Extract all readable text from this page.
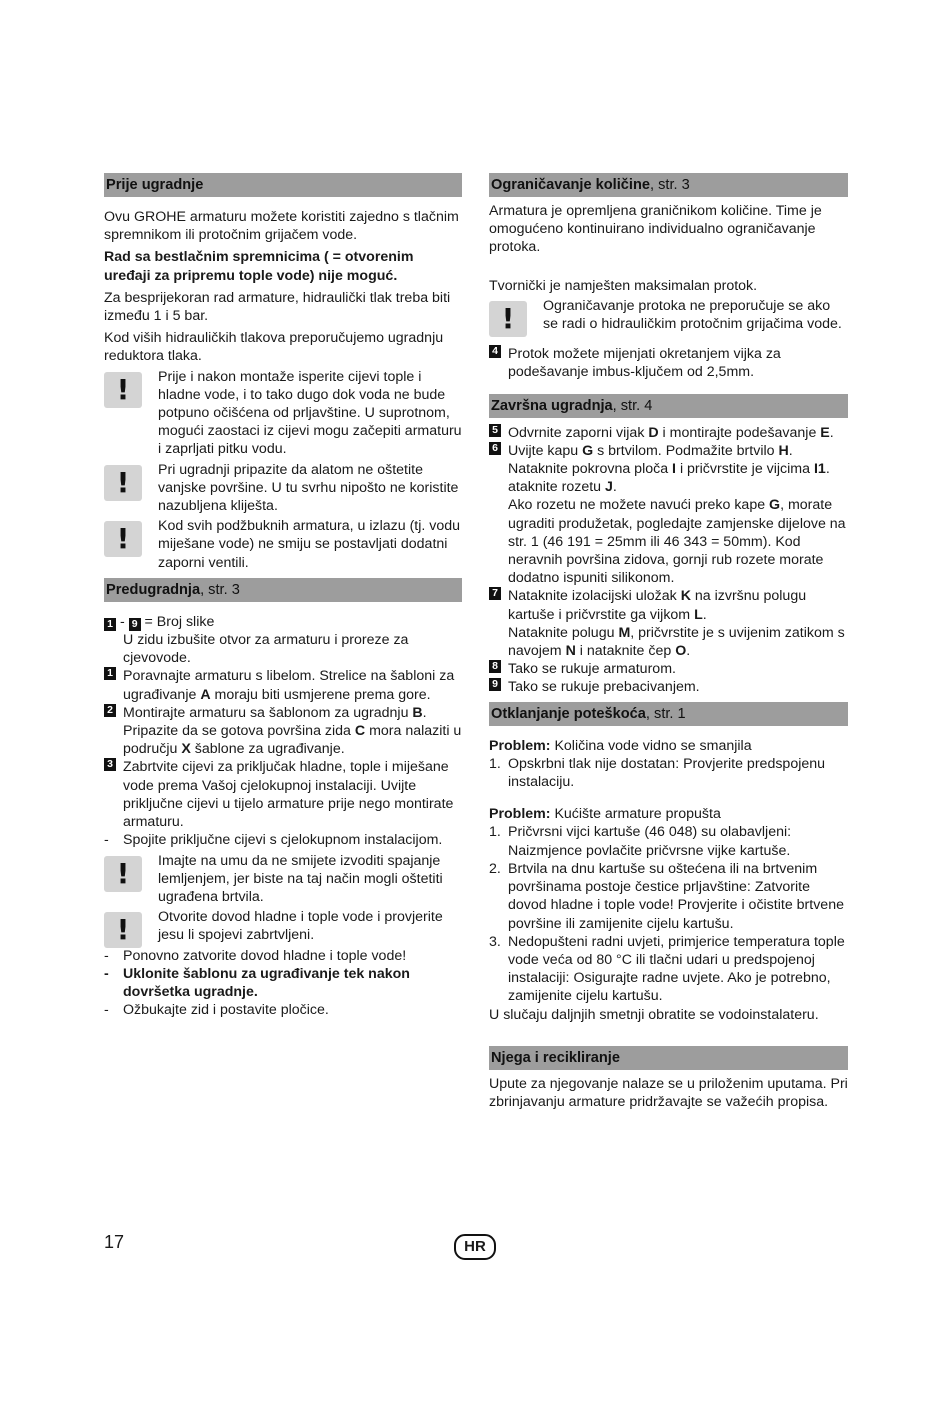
Prije ugradnje

Ovu GROHE armaturu možete koristiti zajedno s tlačnim spremnikom ili protočnim grijačem vode.

Rad sa bestlačnim spremnicima ( = otvorenim uređaji za pripremu tople vode) nije moguć.

Za besprijekoran rad armature, hidraulički tlak treba biti između 1 i 5 bar.

Kod viših hidrauličkih tlakova preporučujemo ugradnju reduktora tlaka.

!	Prije i nakon montaže isperite cijevi tople i hladne vode, i to tako dugo dok voda ne bude potpuno očišćena od prljavštine. U suprotnom, mogući zaostaci iz cijevi mogu začepiti armaturu i zaprljati pitku vodu.
!	Pri ugradnji pripazite da alatom ne oštetite vanjske površine. U tu svrhu nipošto ne koristite nazubljena kliješta.
!	Kod svih podžbuknih armatura, u izlazu (tj. vodu miješane vode) ne smiju se postavljati dodatni zaporni ventili.
Predugradnja, str. 3
1 - 9 = Broj slike
U zidu izbušite otvor za armaturu i proreze za cjevovode.
1 Poravnajte armaturu s libelom. Strelice na šabloni za ugrađivanje A moraju biti usmjerene prema gore.
2 Montirajte armaturu sa šablonom za ugradnju B. Pripazite da se gotova površina zida C mora nalaziti u području X šablone za ugrađivanje.
3 Zabrtvite cijevi za priključak hladne, tople i miješane vode prema Vašoj cjelokupnoj instalaciji. Uvijte priključne cijevi u tijelo armature prije nego montirate armaturu.
- Spojite priključne cijevi s cjelokupnom instalacijom.
!	Imajte na umu da ne smijete izvoditi spajanje lemljenjem, jer biste na taj način mogli oštetiti ugrađena brtvila.
!	Otvorite dovod hladne i tople vode i provjerite jesu li spojevi zabrtvljeni.
- Ponovno zatvorite dovod hladne i tople vode!
- Uklonite šablonu za ugrađivanje tek nakon dovršetka ugradnje.
- Ožbukajte zid i postavite pločice.
Ograničavanje količine, str. 3

Armatura je opremljena graničnikom količine. Time je omogućeno kontinuirano individualno ograničavanje protoka.

Tvornički je namješten maksimalan protok.

!	Ograničavanje protoka ne preporučuje se ako se radi o hidrauličkim protočnim grijačima vode.
4 Protok možete mijenjati okretanjem vijka za podešavanje imbus-ključem od 2,5mm.
Završna ugradnja, str. 4
5 Odvrnite zaporni vijak D i montirajte podešavanje E.
6 Uvijte kapu G s brtvilom. Podmažite brtvilo H.
Nataknite pokrovna ploča I i pričvrstite je vijcima I1. ataknite rozetu J.
Ako rozetu ne možete navući preko kape G, morate ugraditi produžetak, pogledajte zamjenske dijelove na str. 1 (46 191 = 25mm ili 46 343 = 50mm). Kod neravnih površina zidova, gornji rub rozete morate dodatno ispuniti silikonom.
7 Nataknite izolacijski uložak K na izvršnu polugu kartuše i pričvrstite ga vijkom L.
Nataknite polugu M, pričvrstite je s uvijenim zatikom s navojem N i nataknite čep O.
8 Tako se rukuje armaturom.
9 Tako se rukuje prebacivanjem.
Otklanjanje poteškoća, str. 1
Problem: Količina vode vidno se smanjila
1. Opskrbni tlak nije dostatan: Provjerite predspojenu instalaciju.
Problem: Kućište armature propušta
1. Pričvrsni vijci kartuše (46 048) su olabavljeni: Naizmjence povlačite pričvrsne vijke kartuše.
2. Brtvila na dnu kartuše su oštećena ili na brtvenim površinama postoje čestice prljavštine: Zatvorite dovod hladne i tople vode! Provjerite i očistite brtvene površine ili zamijenite cijelu kartušu.
3. Nedopušteni radni uvjeti, primjerice temperatura tople vode veća od 80 °C ili tlačni udari u predspojenoj instalaciji: Osigurajte radne uvjete. Ako je potrebno, zamijenite cijelu kartušu.

U slučaju daljnjih smetnji obratite se vodoinstalateru.

Njega i recikliranje

Upute za njegovanje nalaze se u priloženim uputama. Pri zbrinjavanju armature pridržavajte se važećih propisa.

17	HR
